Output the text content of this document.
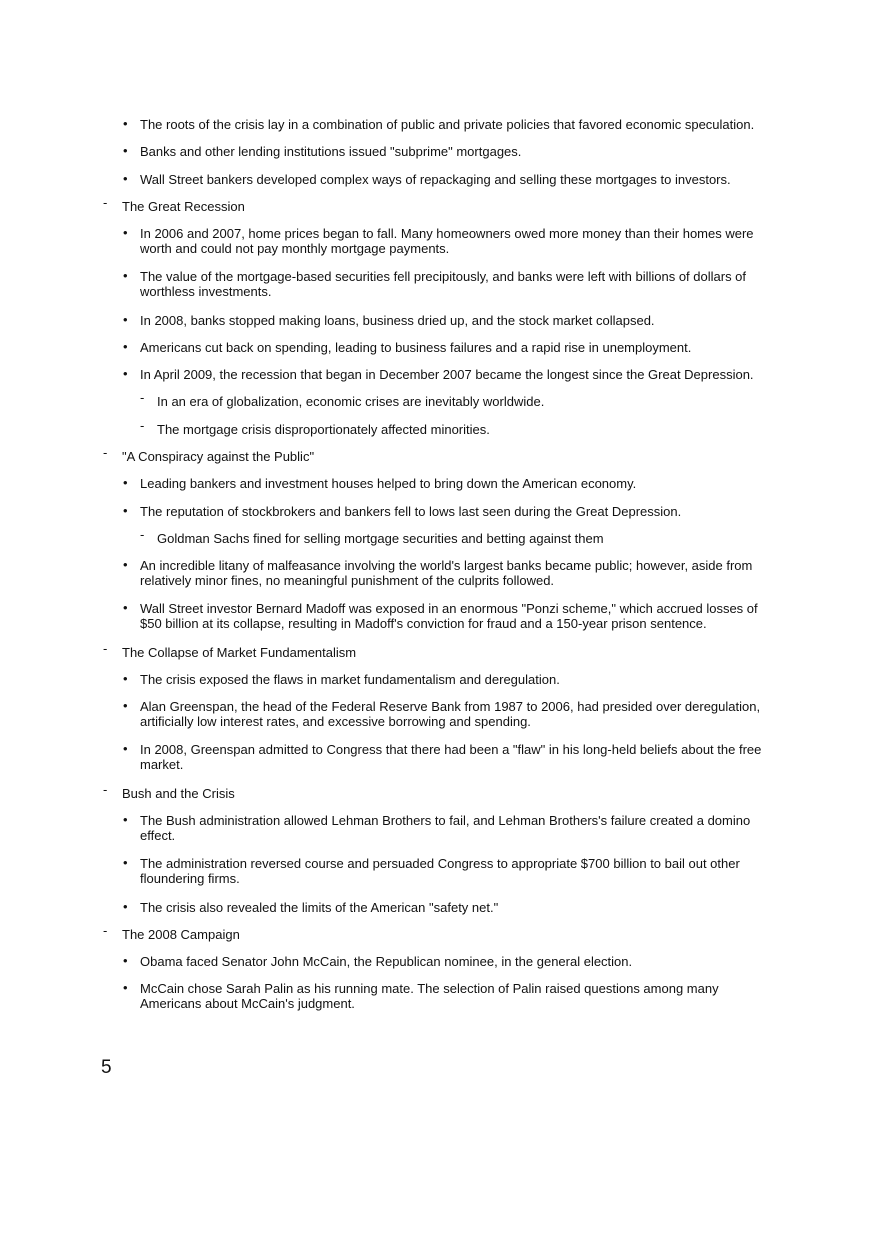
• The roots of the crisis lay in a combination of public and private policies that favored economic speculation.
• Banks and other lending institutions issued "subprime" mortgages.
• Wall Street bankers developed complex ways of repackaging and selling these mortgages to investors.
- The Great Recession
• In 2006 and 2007, home prices began to fall. Many homeowners owed more money than their homes were worth and could not pay monthly mortgage payments.
• The value of the mortgage-based securities fell precipitously, and banks were left with billions of dollars of worthless investments.
• In 2008, banks stopped making loans, business dried up, and the stock market collapsed.
• Americans cut back on spending, leading to business failures and a rapid rise in unemployment.
• In April 2009, the recession that began in December 2007 became the longest since the Great Depression.
- In an era of globalization, economic crises are inevitably worldwide.
- The mortgage crisis disproportionately affected minorities.
- "A Conspiracy against the Public"
• Leading bankers and investment houses helped to bring down the American economy.
• The reputation of stockbrokers and bankers fell to lows last seen during the Great Depression.
- Goldman Sachs fined for selling mortgage securities and betting against them
• An incredible litany of malfeasance involving the world's largest banks became public; however, aside from relatively minor fines, no meaningful punishment of the culprits followed.
• Wall Street investor Bernard Madoff was exposed in an enormous "Ponzi scheme," which accrued losses of $50 billion at its collapse, resulting in Madoff's conviction for fraud and a 150-year prison sentence.
- The Collapse of Market Fundamentalism
• The crisis exposed the flaws in market fundamentalism and deregulation.
• Alan Greenspan, the head of the Federal Reserve Bank from 1987 to 2006, had presided over deregulation, artificially low interest rates, and excessive borrowing and spending.
• In 2008, Greenspan admitted to Congress that there had been a "flaw" in his long-held beliefs about the free market.
- Bush and the Crisis
• The Bush administration allowed Lehman Brothers to fail, and Lehman Brothers's failure created a domino effect.
• The administration reversed course and persuaded Congress to appropriate $700 billion to bail out other floundering firms.
• The crisis also revealed the limits of the American "safety net."
- The 2008 Campaign
• Obama faced Senator John McCain, the Republican nominee, in the general election.
• McCain chose Sarah Palin as his running mate. The selection of Palin raised questions among many Americans about McCain's judgment.
5
